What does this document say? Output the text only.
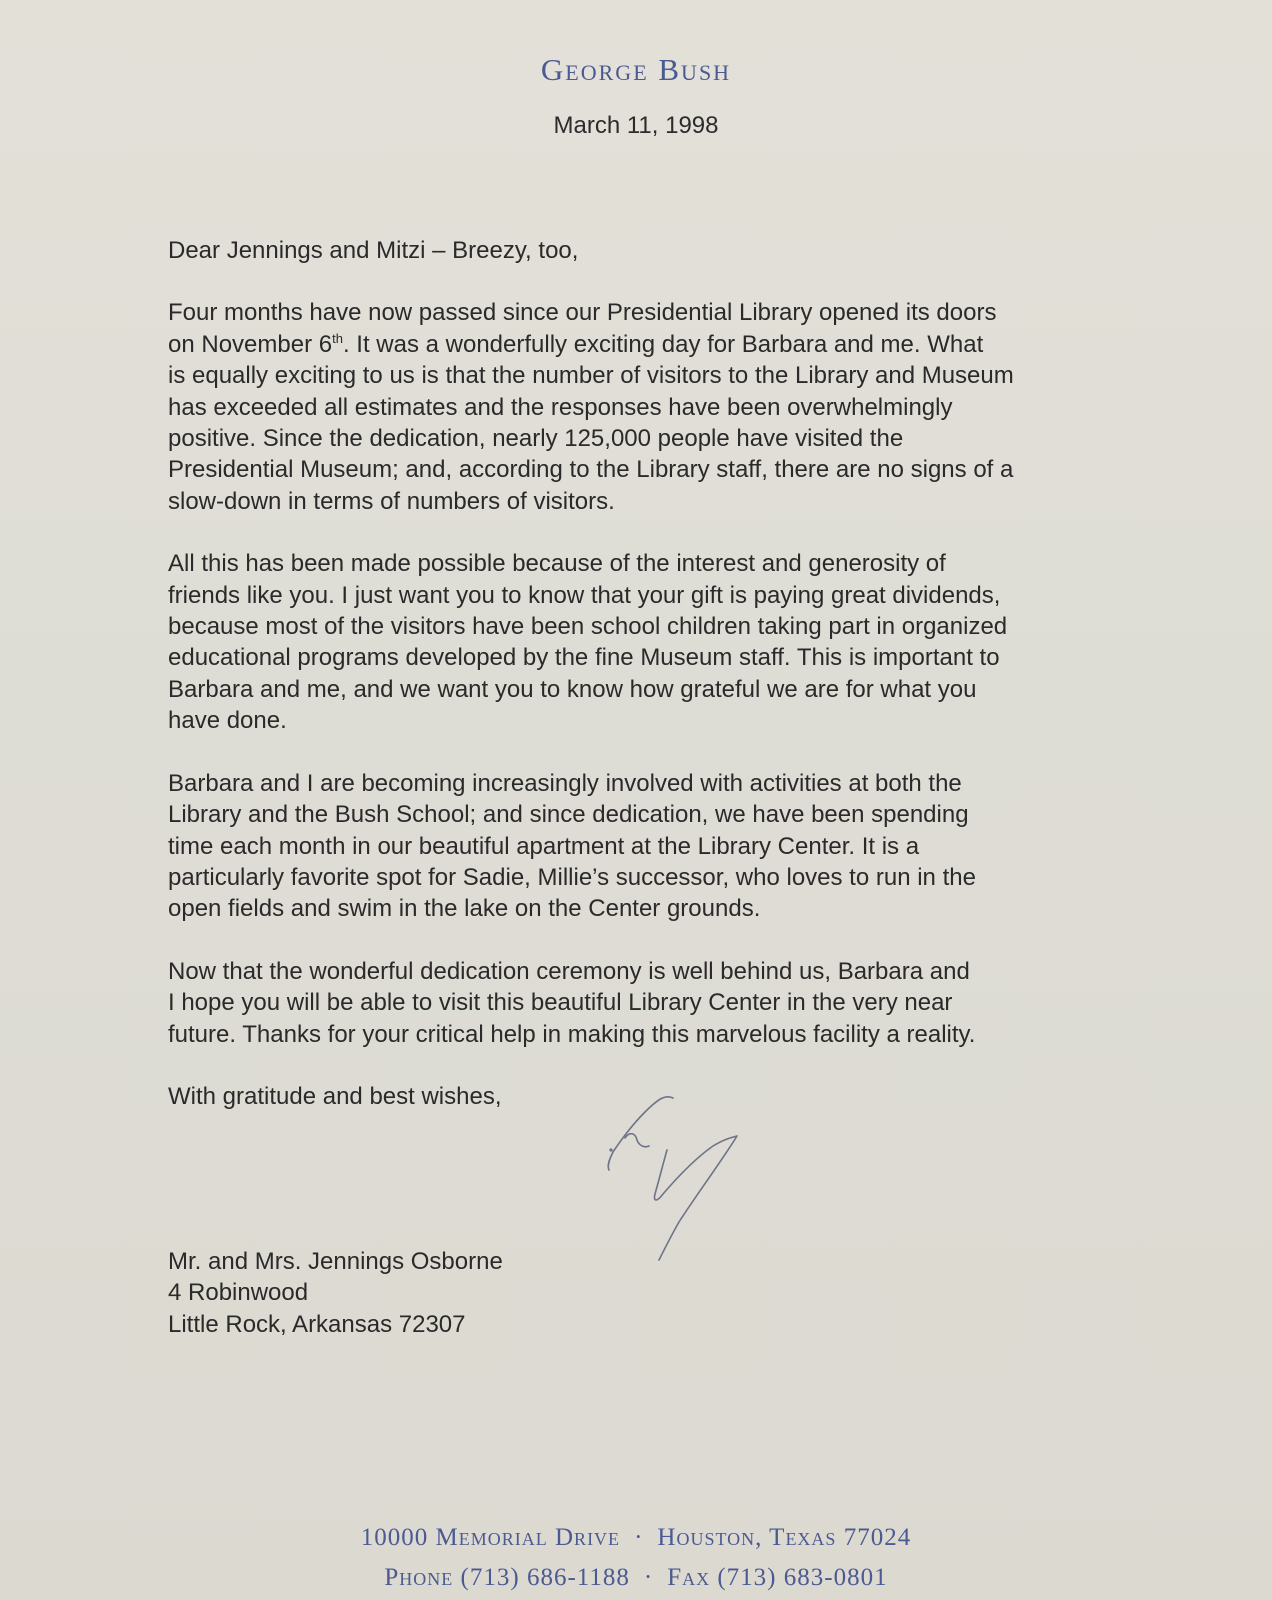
George Bush
March 11, 1998

Dear Jennings and Mitzi – Breezy, too,

Four months have now passed since our Presidential Library opened its doors
on November 6th. It was a wonderfully exciting day for Barbara and me. What
is equally exciting to us is that the number of visitors to the Library and Museum
has exceeded all estimates and the responses have been overwhelmingly
positive. Since the dedication, nearly 125,000 people have visited the
Presidential Museum; and, according to the Library staff, there are no signs of a
slow-down in terms of numbers of visitors.

All this has been made possible because of the interest and generosity of
friends like you. I just want you to know that your gift is paying great dividends,
because most of the visitors have been school children taking part in organized
educational programs developed by the fine Museum staff. This is important to
Barbara and me, and we want you to know how grateful we are for what you
have done.

Barbara and I are becoming increasingly involved with activities at both the
Library and the Bush School; and since dedication, we have been spending
time each month in our beautiful apartment at the Library Center. It is a
particularly favorite spot for Sadie, Millie’s successor, who loves to run in the
open fields and swim in the lake on the Center grounds.

Now that the wonderful dedication ceremony is well behind us, Barbara and
I hope you will be able to visit this beautiful Library Center in the very near
future. Thanks for your critical help in making this marvelous facility a reality.

With gratitude and best wishes,

Mr. and Mrs. Jennings Osborne
4 Robinwood
Little Rock, Arkansas 72307
10000 Memorial Drive · Houston, Texas 77024
Phone (713) 686-1188 · Fax (713) 683-0801
